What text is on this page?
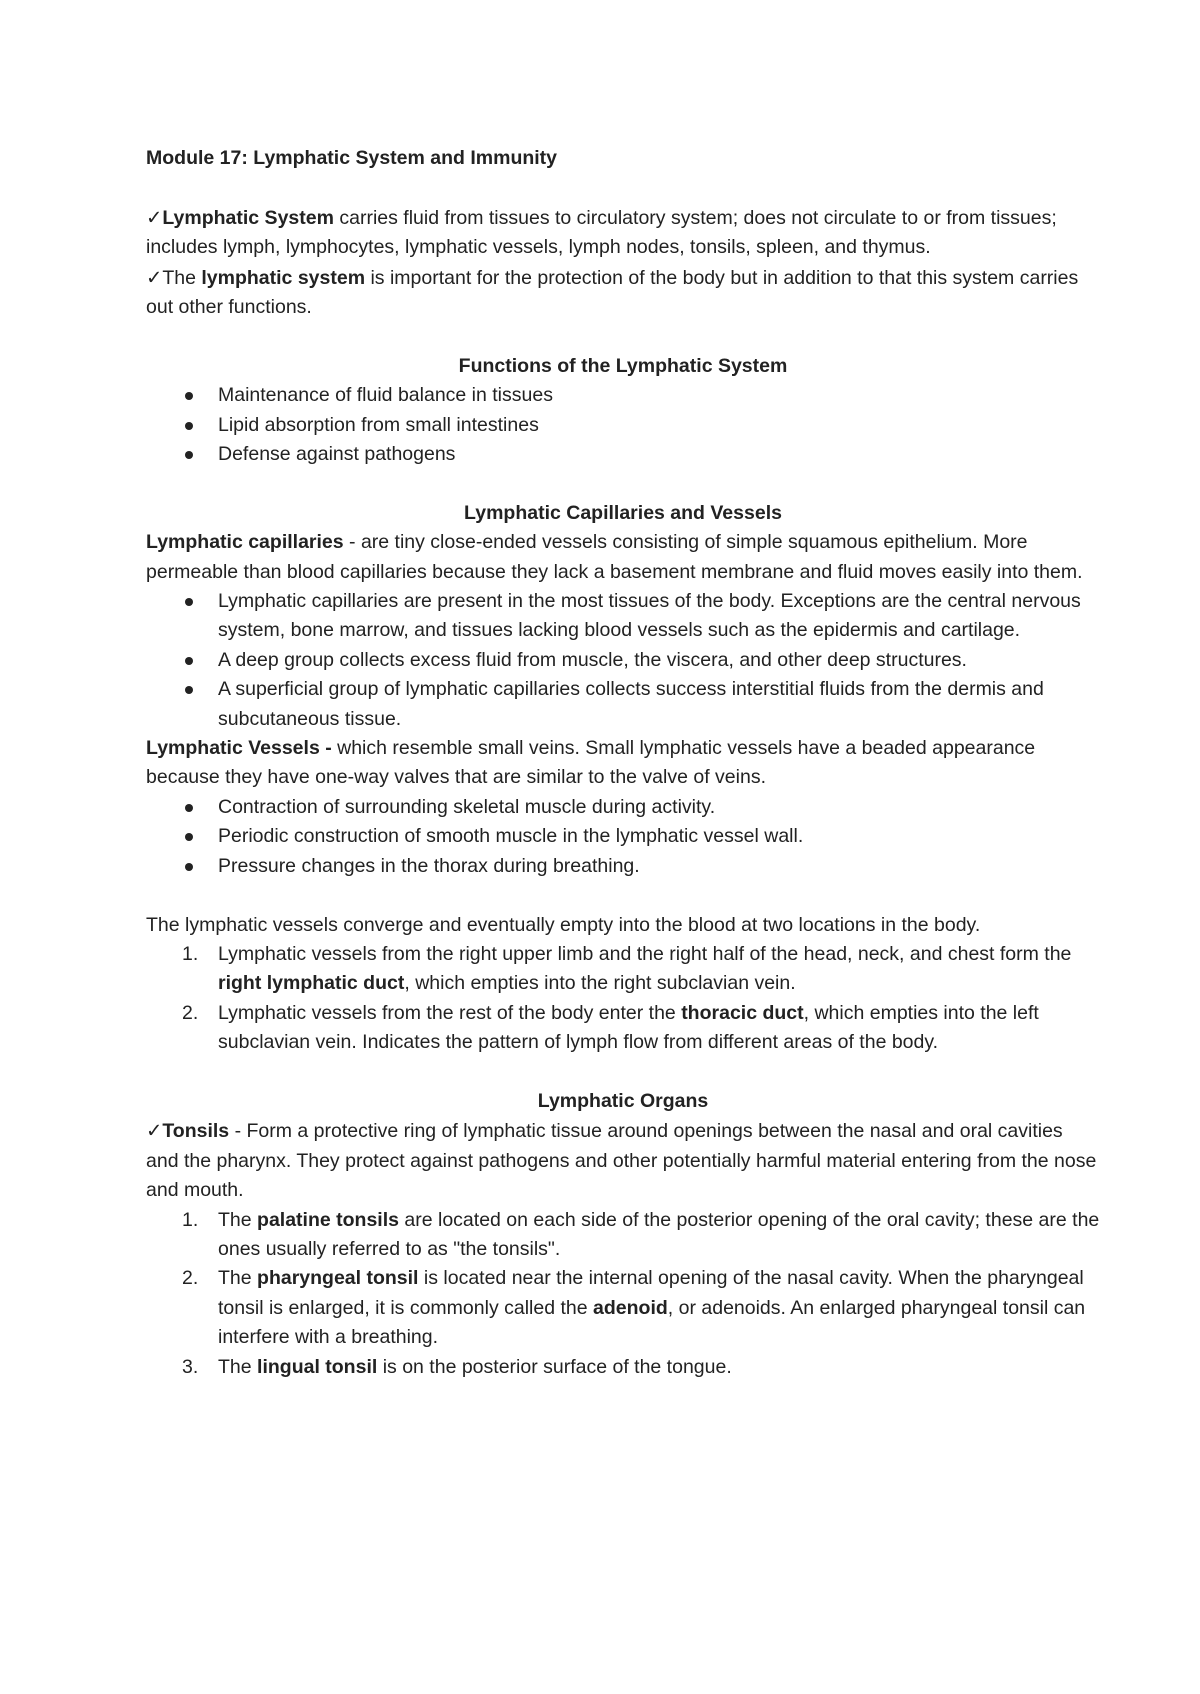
Module 17: Lymphatic System and Immunity

✓Lymphatic System carries fluid from tissues to circulatory system; does not circulate to or from tissues; includes lymph, lymphocytes, lymphatic vessels, lymph nodes, tonsils, spleen, and thymus.

✓The lymphatic system is important for the protection of the body but in addition to that this system carries out other functions.

Functions of the Lymphatic System

Maintenance of fluid balance in tissues
Lipid absorption from small intestines
Defense against pathogens

Lymphatic Capillaries and Vessels

Lymphatic capillaries - are tiny close-ended vessels consisting of simple squamous epithelium. More permeable than blood capillaries because they lack a basement membrane and fluid moves easily into them.

Lymphatic capillaries are present in the most tissues of the body. Exceptions are the central nervous system, bone marrow, and tissues lacking blood vessels such as the epidermis and cartilage.
A deep group collects excess fluid from muscle, the viscera, and other deep structures.
A superficial group of lymphatic capillaries collects success interstitial fluids from the dermis and subcutaneous tissue.

Lymphatic Vessels - which resemble small veins. Small lymphatic vessels have a beaded appearance because they have one-way valves that are similar to the valve of veins.

Contraction of surrounding skeletal muscle during activity.
Periodic construction of smooth muscle in the lymphatic vessel wall.
Pressure changes in the thorax during breathing.

The lymphatic vessels converge and eventually empty into the blood at two locations in the body.

1. Lymphatic vessels from the right upper limb and the right half of the head, neck, and chest form the right lymphatic duct, which empties into the right subclavian vein.
2. Lymphatic vessels from the rest of the body enter the thoracic duct, which empties into the left subclavian vein. Indicates the pattern of lymph flow from different areas of the body.

Lymphatic Organs

✓Tonsils - Form a protective ring of lymphatic tissue around openings between the nasal and oral cavities and the pharynx. They protect against pathogens and other potentially harmful material entering from the nose and mouth.

1. The palatine tonsils are located on each side of the posterior opening of the oral cavity; these are the ones usually referred to as "the tonsils".
2. The pharyngeal tonsil is located near the internal opening of the nasal cavity. When the pharyngeal tonsil is enlarged, it is commonly called the adenoid, or adenoids. An enlarged pharyngeal tonsil can interfere with a breathing.
3. The lingual tonsil is on the posterior surface of the tongue.
